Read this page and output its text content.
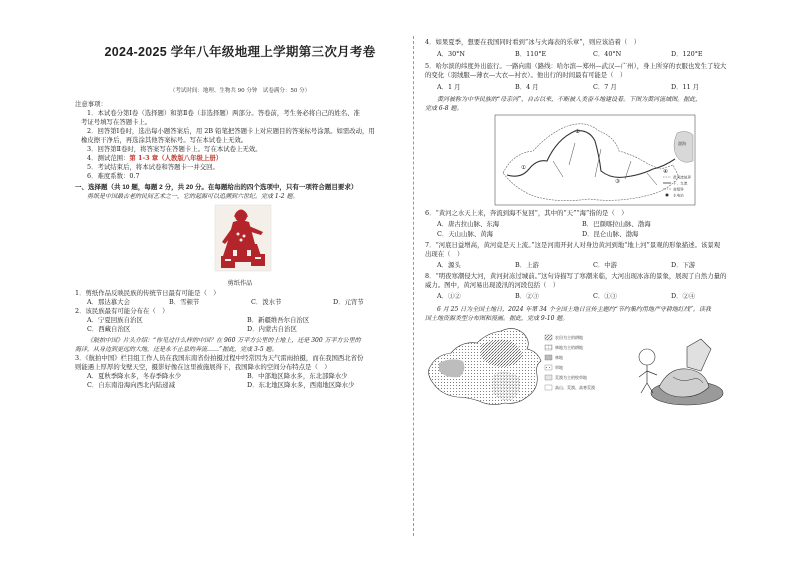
2024-2025 学年八年级地理上学期第三次月考卷
（考试时间：地理、生物共 90 分钟　试卷满分：50 分）
注意事项：
1．本试卷分第Ⅰ卷（选择题）和第Ⅱ卷（非选择题）两部分。答卷前，考生务必将自己的姓名、准
考证号填写在答题卡上。
2．回答第Ⅰ卷时，选出每小题答案后，用 2B 铅笔把答题卡上对应题目的答案标号涂黑。如需改动，用
橡皮擦干净后，再选涂其他答案标号。写在本试卷上无效。
3．回答第Ⅱ卷时，将答案写在答题卡上。写在本试卷上无效。
4．测试范围：第 1-3 章（人教版八年级上册）
5．考试结束后，将本试卷和答题卡一并交回。
6．难度系数：0.7
一、选择题（共 10 题，每题 2 分，共 20 分。在每题给出的四个选项中，只有一项符合题目要求）
剪纸是中国最古老的民间艺术之一，它的起源可以追溯到六世纪。完成 1-2 题。
剪纸作品
1．剪纸作品反映民族的传统节日最有可能是（　）
A．那达慕大会	B．雪顿节	C．泼水节	D．元宵节
2．该民族最有可能分布在（　）
A．宁夏回族自治区	B．新疆维吾尔自治区
C．西藏自治区	D．内蒙古自治区
《航拍中国》片头介绍：“你见过什么样的中国？在 960 万平方公里的土地上，还是 300 万平方公里的
海洋，从身边到更远的大地，还是永不止息的奔流……”据此，完成 3-5 题。
3．《航拍中国》栏目组工作人员在我国东南省份拍摄过程中经常因为天气雷雨拍摄，而在我国西北省份
则能遇上厚厚的戈壁天空，摄影好像在这里被施展得下，我国降水的空间分布特点是（　）
A．夏秋季降水多，冬春季降水少	B．中部地区降水多，东北部降水少
C．自东南沿海向西北内陆递减	D．东北地区降水多，西南地区降水少
4．如果夏季，想要在我国同时看到“冰与火海表的乐章”，则应该沿着（　）
A．30°N	B．110°E	C．40°N	D．120°E
5．哈尔滨的纬度外出旅行。一路向南（路线：哈尔滨—郑州—武汉—广州），身上所穿的衣服也发生了较大
的变化（羽绒服—薄衣—大衣—衬衣）。他出行的时间最有可能是（　）
A．1 月	B．4 月	C．7 月	D．11 月
黄河被称为中华民族的“母亲河”，自古以来，不断被人类奋斗地建设着。下图为黄河流域图。据此，
完成 6-8 题。
①
②
③
④
黄河流域界
干、支流
省级界
水电站
渤海
6．“黄河之水天上来，奔流到海不复回”，其中的“天”“海”指的是（　）
A．唐古拉山脉、东海	B．巴颜喀拉山脉、渤海
C．天山山脉、黄海	D．昆仑山脉、渤海
7．“河底日益增高，黄河竟是天上流。”这是河南开封人对身边黄河到地“地上河”景观的形象描述。该景观
出现在（　）
A．源头	B．上游	C．中游	D．下游
8．“明夜寒潮侵大河，黄河封冻过城前。”这句诗描写了寒潮来临，大河出现冰冻的景象，展现了自然力量的
威力。图中，黄河易出现凌汛的河段包括（　）
A．①②	B．②③	C．①③	D．②④
6 月 25 日为全国土地日，2024 年第 34 个全国土地日宣传主题约“节约集约用地严守耕地红线”。读我
国土地资源类型分布图和漫画。据此，完成 9-10 题。
农田为主的耕地
林地为主的耕地
林地
草地
荒漠为主的牧草地
高山、荒漠、高寒荒漠
